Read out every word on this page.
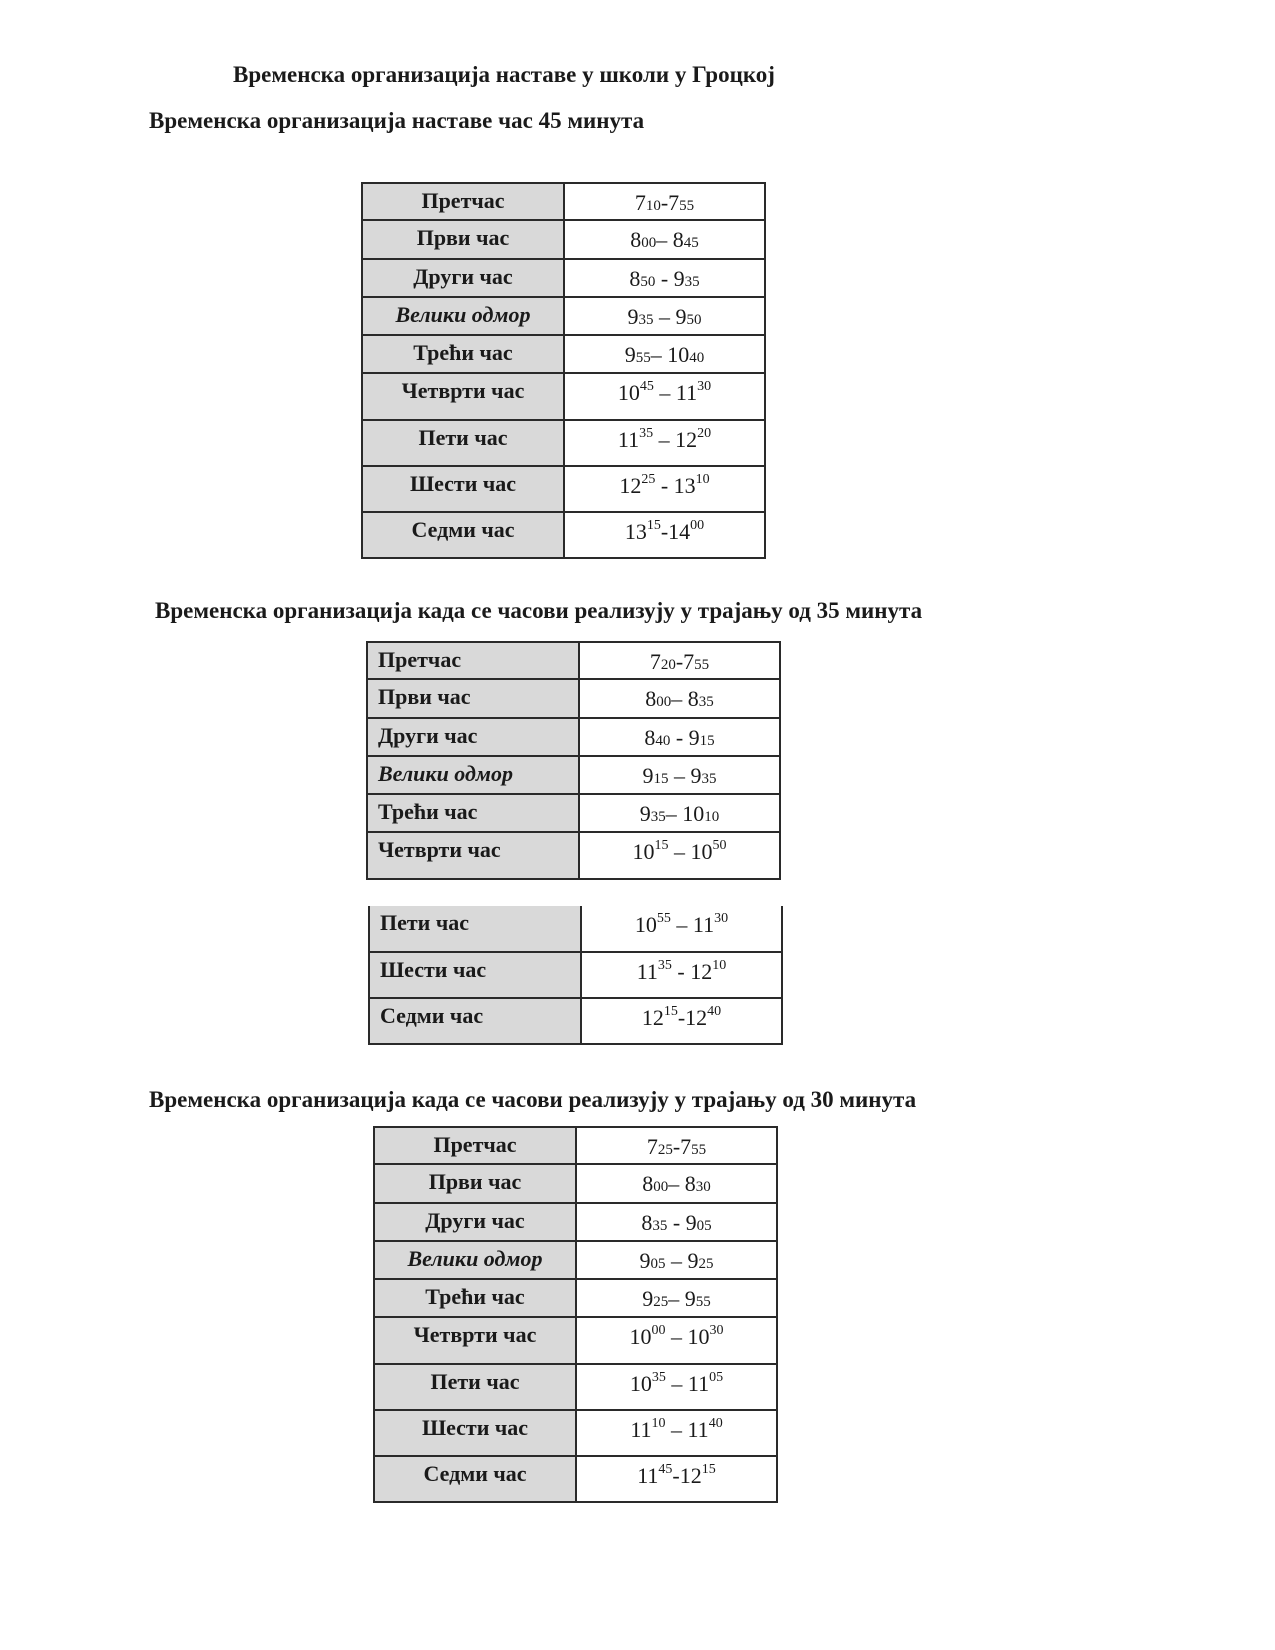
Временска организација наставе у школи у Гроцкој
Временска организација наставе час 45 минута
Претчас	710-755
Први час	800– 845
Други час	850 - 935
Велики одмор	935 – 950
Трећи час	955– 1040
Четврти час	$10^{45} - 11^{30}$
Пети час	$11^{35} - 12^{20}$
Шести час	$12^{25} - 13^{10}$
Седми час	$13^{15}-14^{00}$
Временска организација када се часови реализују у трајању од 35 минута
Претчас	720-755
Први час	800– 835
Други час	840 - 915
Велики одмор	915 – 935
Трећи час	935– 1010
Четврти час	$10^{15} - 10^{50}$
Пети час	$10^{55} - 11^{30}$
Шести час	$11^{35} - 12^{10}$
Седми час	$12^{15}-12^{40}$
Временска организација када се часови реализују у трајању од 30 минута
Претчас	725-755
Први час	800– 830
Други час	835 - 905
Велики одмор	905 – 925
Трећи час	925– 955
Четврти час	$10^{00} - 10^{30}$
Пети час	$10^{35} - 11^{05}$
Шести час	$11^{10} - 11^{40}$
Седми час	$11^{45}-12^{15}$
